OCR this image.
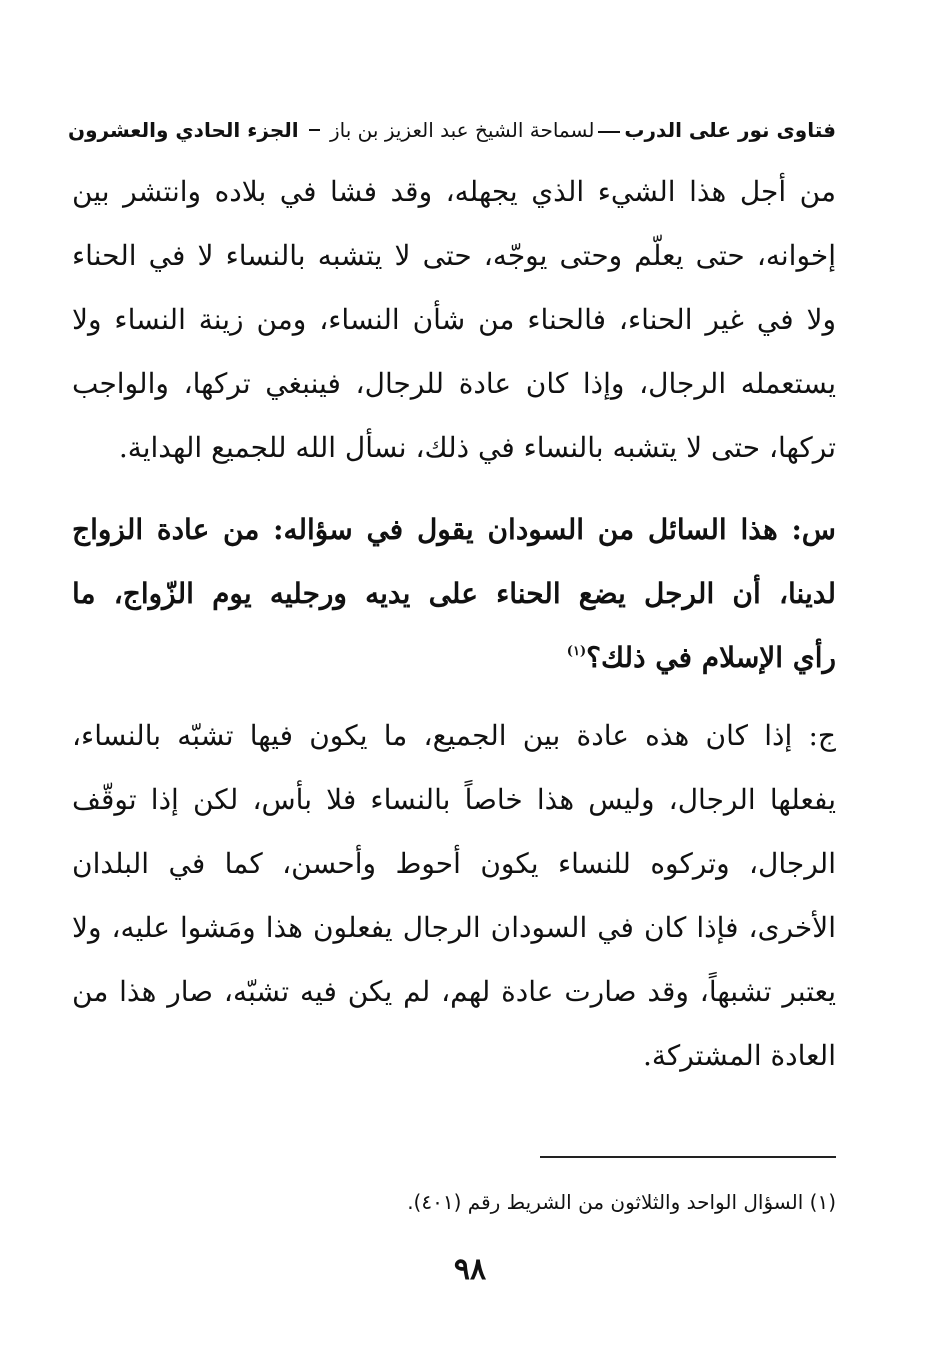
فتاوى نور على الدربلسماحة الشيخ عبد العزيز بن باز
الجزء الحادي والعشرون
من أجل هذا الشيء الذي يجهله، وقد فشا في بلاده وانتشر بين
إخوانه، حتى يعلّم وحتى يوجّه، حتى لا يتشبه بالنساء لا في الحناء
ولا في غير الحناء، فالحناء من شأن النساء، ومن زينة النساء ولا
يستعمله الرجال، وإذا كان عادة للرجال، فينبغي تركها، والواجب
تركها، حتى لا يتشبه بالنساء في ذلك، نسأل الله للجميع الهداية.
س: هذا السائل من السودان يقول في سؤاله: من عادة الزواج
لدينا، أن الرجل يضع الحناء على يديه ورجليه يوم الزّواج، ما
رأي الإسلام في ذلك؟$^{(١)}$
ج: إذا كان هذه عادة بين الجميع، ما يكون فيها تشبّه بالنساء،
يفعلها الرجال، وليس هذا خاصاً بالنساء فلا بأس، لكن إذا توقّف
الرجال، وتركوه للنساء يكون أحوط وأحسن، كما في البلدان
الأخرى، فإذا كان في السودان الرجال يفعلون هذا ومَشوا عليه، ولا
يعتبر تشبهاً، وقد صارت عادة لهم، لم يكن فيه تشبّه، صار هذا من
العادة المشتركة.
(١) السؤال الواحد والثلاثون من الشريط رقم (٤٠١).
٩٨
